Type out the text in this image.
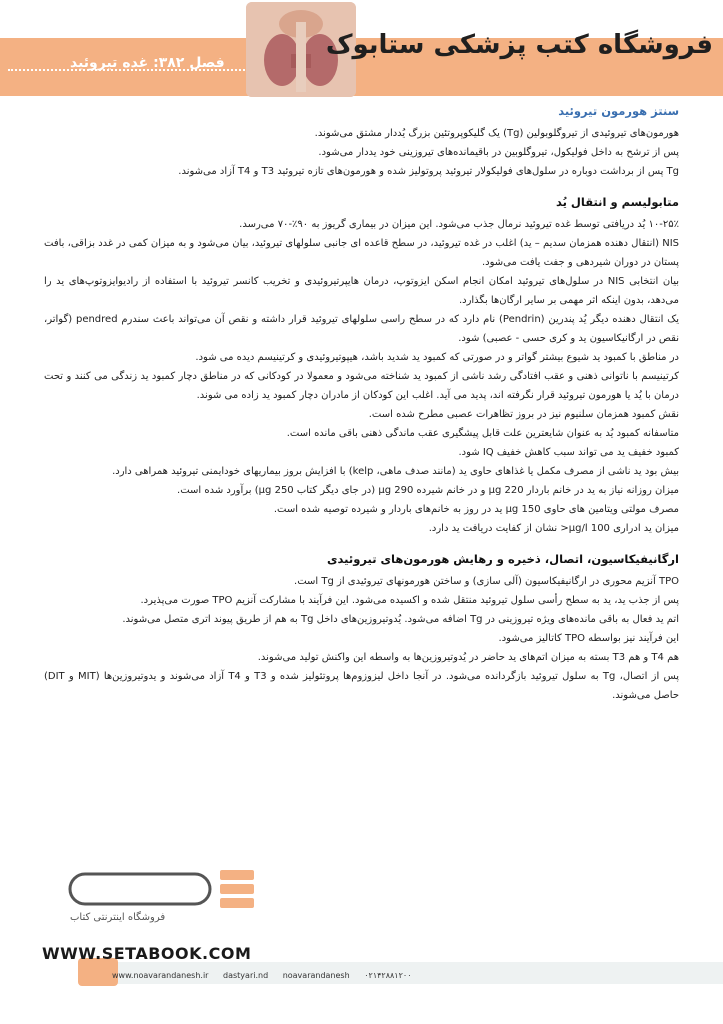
فصل ۳۸۲: غده تیروئید
فروشگاه کتب پزشکی ستابوک
سنتز هورمون تیروئید

هورمون‌های تیروئیدی از تیروگلوبولین (Tg) یک گلیکوپروتئین بزرگ یُددار مشتق می‌شوند.

پس از ترشح به داخل فولیکول، تیروگلوبین در باقیمانده‌های تیروزینی خود یددار می‌شود.

Tg پس از برداشت دوباره در سلول‌های فولیکولار تیروئید پروتولیز شده و هورمون‌های تازه تیروئید T3 و T4 آزاد می‌شوند.

متابولیسم و انتقال یُد

۲۵٪-۱۰ یُد دریافتی توسط غده تیروئید نرمال جذب می‌شود. این میزان در بیماری گریوز به ۹۰٪-۷۰ می‌رسد.

NIS (انتقال دهنده همزمان سدیم – ید) اغلب در غده تیروئید، در سطح قاعده ای جانبی سلولهای تیروئید، بیان می‌شود و به میزان کمی در غدد بزاقی، بافت پستان در دوران شیردهی و جفت یافت می‌شود.

بیان انتخابی NIS در سلول‌های تیروئید امکان انجام اسکن ایزوتوپ، درمان هایپرتیروئیدی و تخریب کانسر تیروئید با استفاده از رادیوایزوتوپ‌های ید را می‌دهد، بدون اینکه اثر مهمی بر سایر ارگان‌ها بگذارد.

یک انتقال دهنده دیگر یُد پندرین (Pendrin) نام دارد که در سطح راسی سلولهای تیروئید قرار داشته و نقص آن می‌تواند باعث سندرم pendred (گواتر، نقص در ارگانیکاسیون ید و کری حسی - عصبی) شود.

در مناطق با کمبود ید شیوع بیشتر گواتر و در صورتی که کمبود ید شدید باشد، هیپوتیروئیدی و کرتینیسم دیده می شود.

کرتینیسم با ناتوانی ذهنی و عقب افتادگی رشد ناشی از کمبود ید شناخته می‌شود و معمولا در کودکانی که در مناطق دچار کمبود ید زندگی می کنند و تحت درمان با یُد یا هورمون تیروئید قرار نگرفته اند، پدید می آید. اغلب این کودکان از مادران دچار کمبود ید زاده می شوند.

نقش کمبود همزمان سلنیوم نیز در بروز تظاهرات عصبی مطرح شده است.

متاسفانه کمبود یُد به عنوان شایعترین علت قابل پیشگیری عقب ماندگی ذهنی باقی مانده است.

کمبود خفیف ید می تواند سبب کاهش خفیف IQ شود.

بیش بود ید ناشی از مصرف مکمل یا غذاهای حاوی ید (مانند صدف ماهی، kelp) با افزایش بروز بیماریهای خودایمنی تیروئید همراهی دارد.

میزان روزانه نیاز به ید در خانم باردار 220 µg و در خانم شیرده 290 µg (در جای دیگر کتاب 250 µg) برآورد شده است.

مصرف مولتی ویتامین های حاوی 150 µg ید در روز به خانم‌های باردار و شیرده توصیه شده است.

میزان ید ادراری 100 µg/l< نشان از کفایت دریافت ید دارد.

ارگانیفیکاسیون، اتصال، ذخیره و رهایش هورمون‌های تیروئیدی

TPO آنزیم محوری در ارگانیفیکاسیون (آلی سازی) و ساختن هورمونهای تیروئیدی از Tg است.

پس از جذب ید، ید به سطح رأسی سلول تیروئید منتقل شده و اکسیده می‌شود. این فرآیند با مشارکت آنزیم TPO صورت می‌پذیرد.

اتم ید فعال به باقی مانده‌های ویژه تیروزینی در Tg اضافه می‌شود. یُدوتیروزین‌های داخل Tg به هم از طریق پیوند اتری متصل می‌شوند.

این فرآیند نیز بواسطه TPO کاتالیز می‌شود.

هم T4 و هم T3 بسته به میزان اتم‌های ید حاضر در یُدوتیروزین‌ها به واسطه این واکنش تولید می‌شوند.

پس از اتصال، Tg به سلول تیروئید بازگردانده می‌شود. در آنجا داخل لیزوزوم‌ها پروتئولیز شده و T3 و T4 آزاد می‌شوند و یدوتیروزین‌ها (MIT و DIT) حاصل می‌شوند.

فروشگاه اینترنتی کتاب
WWW.SETABOOK.COM
www.noavarandanesh.ir dastyari.nd noavarandanesh ۰۲۱۴۲۸۸۱۲۰۰
